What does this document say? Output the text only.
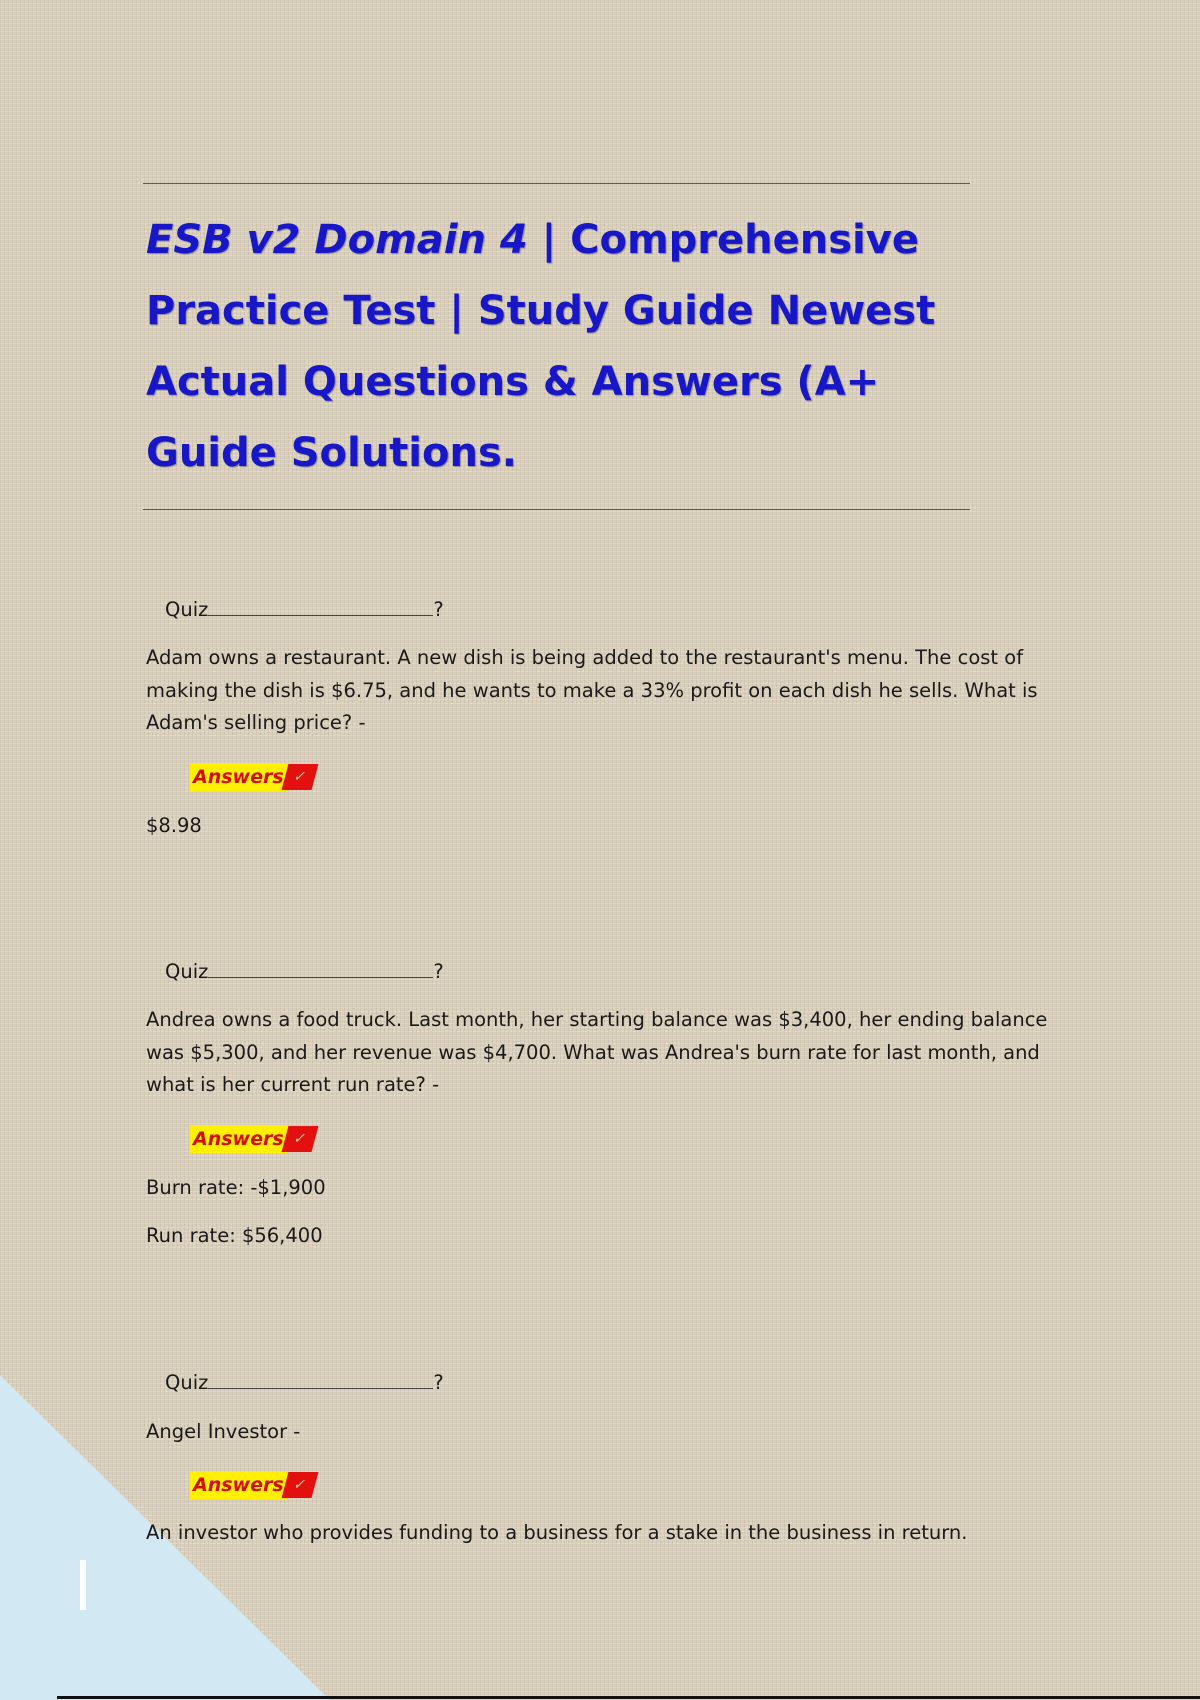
ESB v2 Domain 4 | Comprehensive Practice Test | Study Guide Newest Actual Questions & Answers (A+ Guide Solutions.
Quiz	?
Adam owns a restaurant. A new dish is being added to the restaurant's menu. The cost of making the dish is $6.75, and he wants to make a 33% profit on each dish he sells. What is Adam's selling price? -
Answers ✓
$8.98
Quiz	?
Andrea owns a food truck. Last month, her starting balance was $3,400, her ending balance was $5,300, and her revenue was $4,700. What was Andrea's burn rate for last month, and what is her current run rate? -
Answers ✓
Burn rate: -$1,900
Run rate: $56,400
Quiz	?
Angel Investor -
Answers ✓
An investor who provides funding to a business for a stake in the business in return.
